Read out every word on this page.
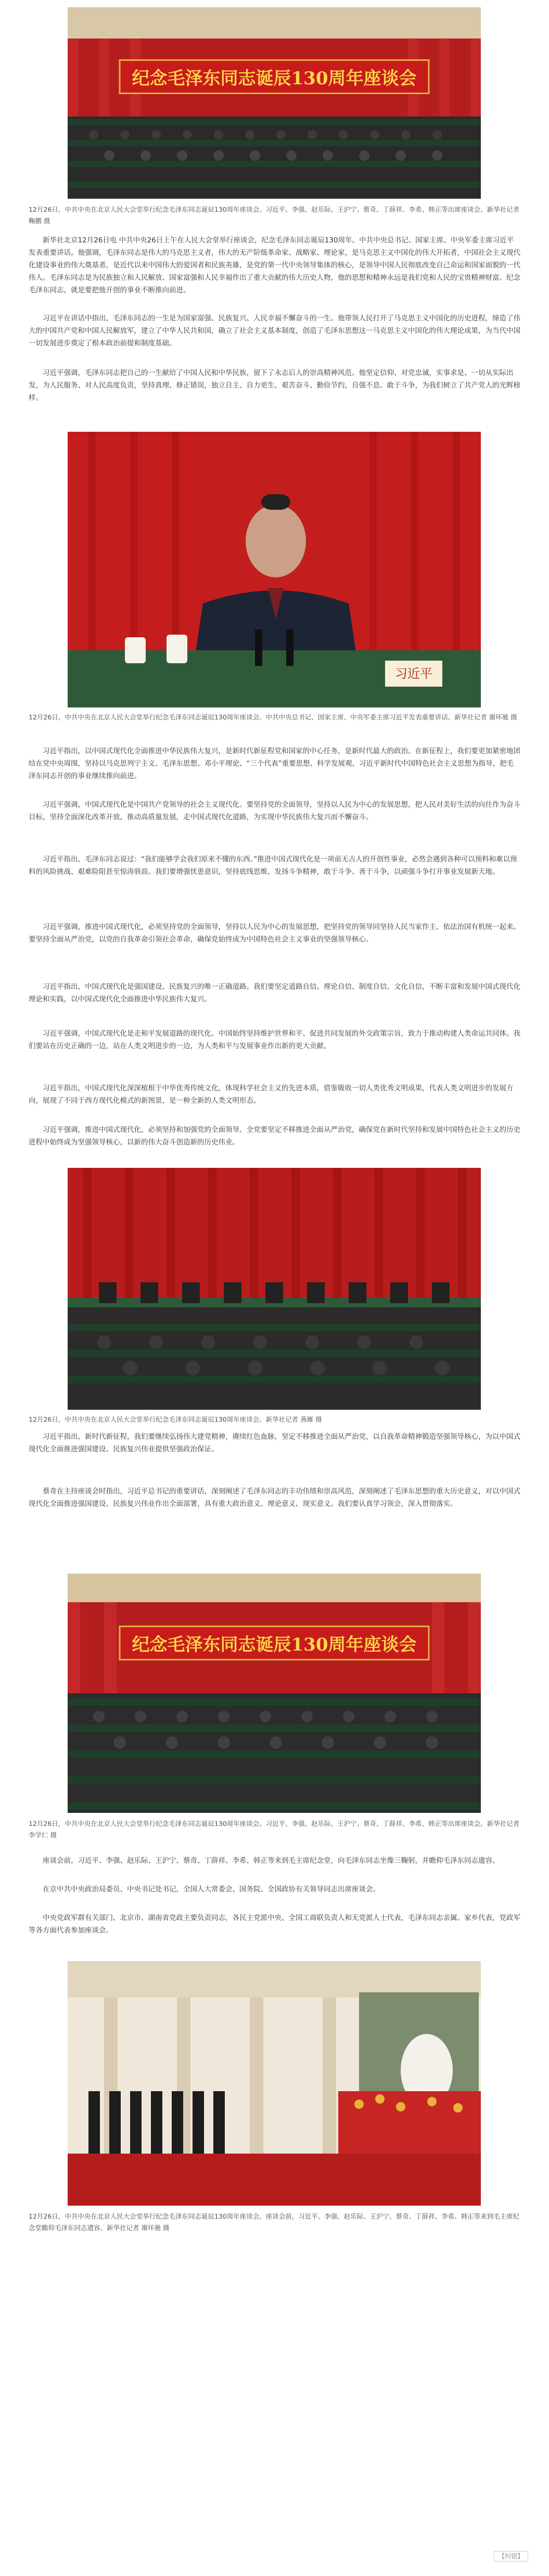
纪念毛泽东同志诞辰130周年座谈会

12月26日，中共中央在北京人民大会堂举行纪念毛泽东同志诞辰130周年座谈会。习近平、李强、赵乐际、王沪宁、蔡奇、丁薛祥、李希、韩正等出席座谈会。新华社记者 鞠鹏 摄

新华社北京12月26日电 中共中央26日上午在人民大会堂举行座谈会，纪念毛泽东同志诞辰130周年。中共中央总书记、国家主席、中央军委主席习近平发表重要讲话。他强调，毛泽东同志是伟大的马克思主义者，伟大的无产阶级革命家、战略家、理论家，是马克思主义中国化的伟大开拓者，中国社会主义现代化建设事业的伟大奠基者，是近代以来中国伟大的爱国者和民族英雄，是党的第一代中央领导集体的核心，是领导中国人民彻底改变自己命运和国家面貌的一代伟人。毛泽东同志是为民族独立和人民解放、国家富强和人民幸福作出了重大贡献的伟大历史人物，他的思想和精神永远是我们党和人民的宝贵精神财富。纪念毛泽东同志，就是要把他开创的事业不断推向前进。

习近平在讲话中指出，毛泽东同志的一生是为国家富强、民族复兴、人民幸福不懈奋斗的一生。他带领人民打开了马克思主义中国化的历史进程，缔造了伟大的中国共产党和中国人民解放军，建立了中华人民共和国，确立了社会主义基本制度，创造了毛泽东思想这一马克思主义中国化的伟大理论成果，为当代中国一切发展进步奠定了根本政治前提和制度基础。

习近平强调，毛泽东同志把自己的一生献给了中国人民和中华民族，留下了永志后人的崇高精神风范。他坚定信仰、对党忠诚，实事求是、一切从实际出发，为人民服务、对人民高度负责，坚持真理、修正错误，独立自主、自力更生，艰苦奋斗、勤俭节约，自强不息、敢于斗争，为我们树立了共产党人的光辉榜样。

习近平

12月26日，中共中央在北京人民大会堂举行纪念毛泽东同志诞辰130周年座谈会。中共中央总书记、国家主席、中央军委主席习近平发表重要讲话。新华社记者 谢环驰 摄

习近平指出，以中国式现代化全面推进中华民族伟大复兴，是新时代新征程党和国家的中心任务，是新时代最大的政治。在新征程上，我们要更加紧密地团结在党中央周围，坚持以马克思列宁主义、毛泽东思想、邓小平理论、“三个代表”重要思想、科学发展观、习近平新时代中国特色社会主义思想为指导，把毛泽东同志开创的事业继续推向前进。

习近平强调，中国式现代化是中国共产党领导的社会主义现代化。要坚持党的全面领导，坚持以人民为中心的发展思想，把人民对美好生活的向往作为奋斗目标，坚持全面深化改革开放，推动高质量发展，走中国式现代化道路，为实现中华民族伟大复兴而不懈奋斗。

习近平指出，毛泽东同志说过：“我们能够学会我们原来不懂的东西。”推进中国式现代化是一项前无古人的开创性事业，必然会遇到各种可以预料和难以预料的风险挑战、艰难险阻甚至惊涛骇浪。我们要增强忧患意识，坚持底线思维，发扬斗争精神，敢于斗争、善于斗争，以顽强斗争打开事业发展新天地。

习近平强调，推进中国式现代化，必须坚持党的全面领导，坚持以人民为中心的发展思想，把坚持党的领导同坚持人民当家作主、依法治国有机统一起来。要坚持全面从严治党，以党的自我革命引领社会革命，确保党始终成为中国特色社会主义事业的坚强领导核心。

习近平指出，中国式现代化是强国建设、民族复兴的唯一正确道路。我们要坚定道路自信、理论自信、制度自信、文化自信，不断丰富和发展中国式现代化理论和实践，以中国式现代化全面推进中华民族伟大复兴。

习近平强调，中国式现代化是走和平发展道路的现代化。中国始终坚持维护世界和平、促进共同发展的外交政策宗旨，致力于推动构建人类命运共同体。我们要站在历史正确的一边，站在人类文明进步的一边，为人类和平与发展事业作出新的更大贡献。

习近平指出，中国式现代化深深植根于中华优秀传统文化，体现科学社会主义的先进本质，借鉴吸收一切人类优秀文明成果，代表人类文明进步的发展方向，展现了不同于西方现代化模式的新图景，是一种全新的人类文明形态。

习近平强调，推进中国式现代化，必须坚持和加强党的全面领导。全党要坚定不移推进全面从严治党，确保党在新时代坚持和发展中国特色社会主义的历史进程中始终成为坚强领导核心，以新的伟大奋斗创造新的历史伟业。

12月26日，中共中央在北京人民大会堂举行纪念毛泽东同志诞辰130周年座谈会。新华社记者 燕雁 摄

习近平指出，新时代新征程，我们要继续弘扬伟大建党精神，赓续红色血脉，坚定不移推进全面从严治党，以自我革命精神锻造坚强领导核心，为以中国式现代化全面推进强国建设、民族复兴伟业提供坚强政治保证。

蔡奇在主持座谈会时指出，习近平总书记的重要讲话，深刻阐述了毛泽东同志的丰功伟绩和崇高风范，深刻阐述了毛泽东思想的重大历史意义，对以中国式现代化全面推进强国建设、民族复兴伟业作出全面部署，具有重大政治意义、理论意义、现实意义。我们要认真学习领会，深入贯彻落实。

纪念毛泽东同志诞辰130周年座谈会

12月26日，中共中央在北京人民大会堂举行纪念毛泽东同志诞辰130周年座谈会。习近平、李强、赵乐际、王沪宁、蔡奇、丁薛祥、李希、韩正等出席座谈会。新华社记者 李学仁 摄

座谈会前，习近平、李强、赵乐际、王沪宁、蔡奇、丁薛祥、李希、韩正等来到毛主席纪念堂，向毛泽东同志坐像三鞠躬，并瞻仰毛泽东同志遗容。

在京中共中央政治局委员、中央书记处书记，全国人大常委会、国务院、全国政协有关领导同志出席座谈会。

中央党政军群有关部门、北京市、湖南省党政主要负责同志，各民主党派中央、全国工商联负责人和无党派人士代表，毛泽东同志亲属、家乡代表，党政军等各方面代表参加座谈会。

12月26日，中共中央在北京人民大会堂举行纪念毛泽东同志诞辰130周年座谈会。座谈会前，习近平、李强、赵乐际、王沪宁、蔡奇、丁薛祥、李希、韩正等来到毛主席纪念堂瞻仰毛泽东同志遗容。新华社记者 谢环驰 摄

【纠错】
